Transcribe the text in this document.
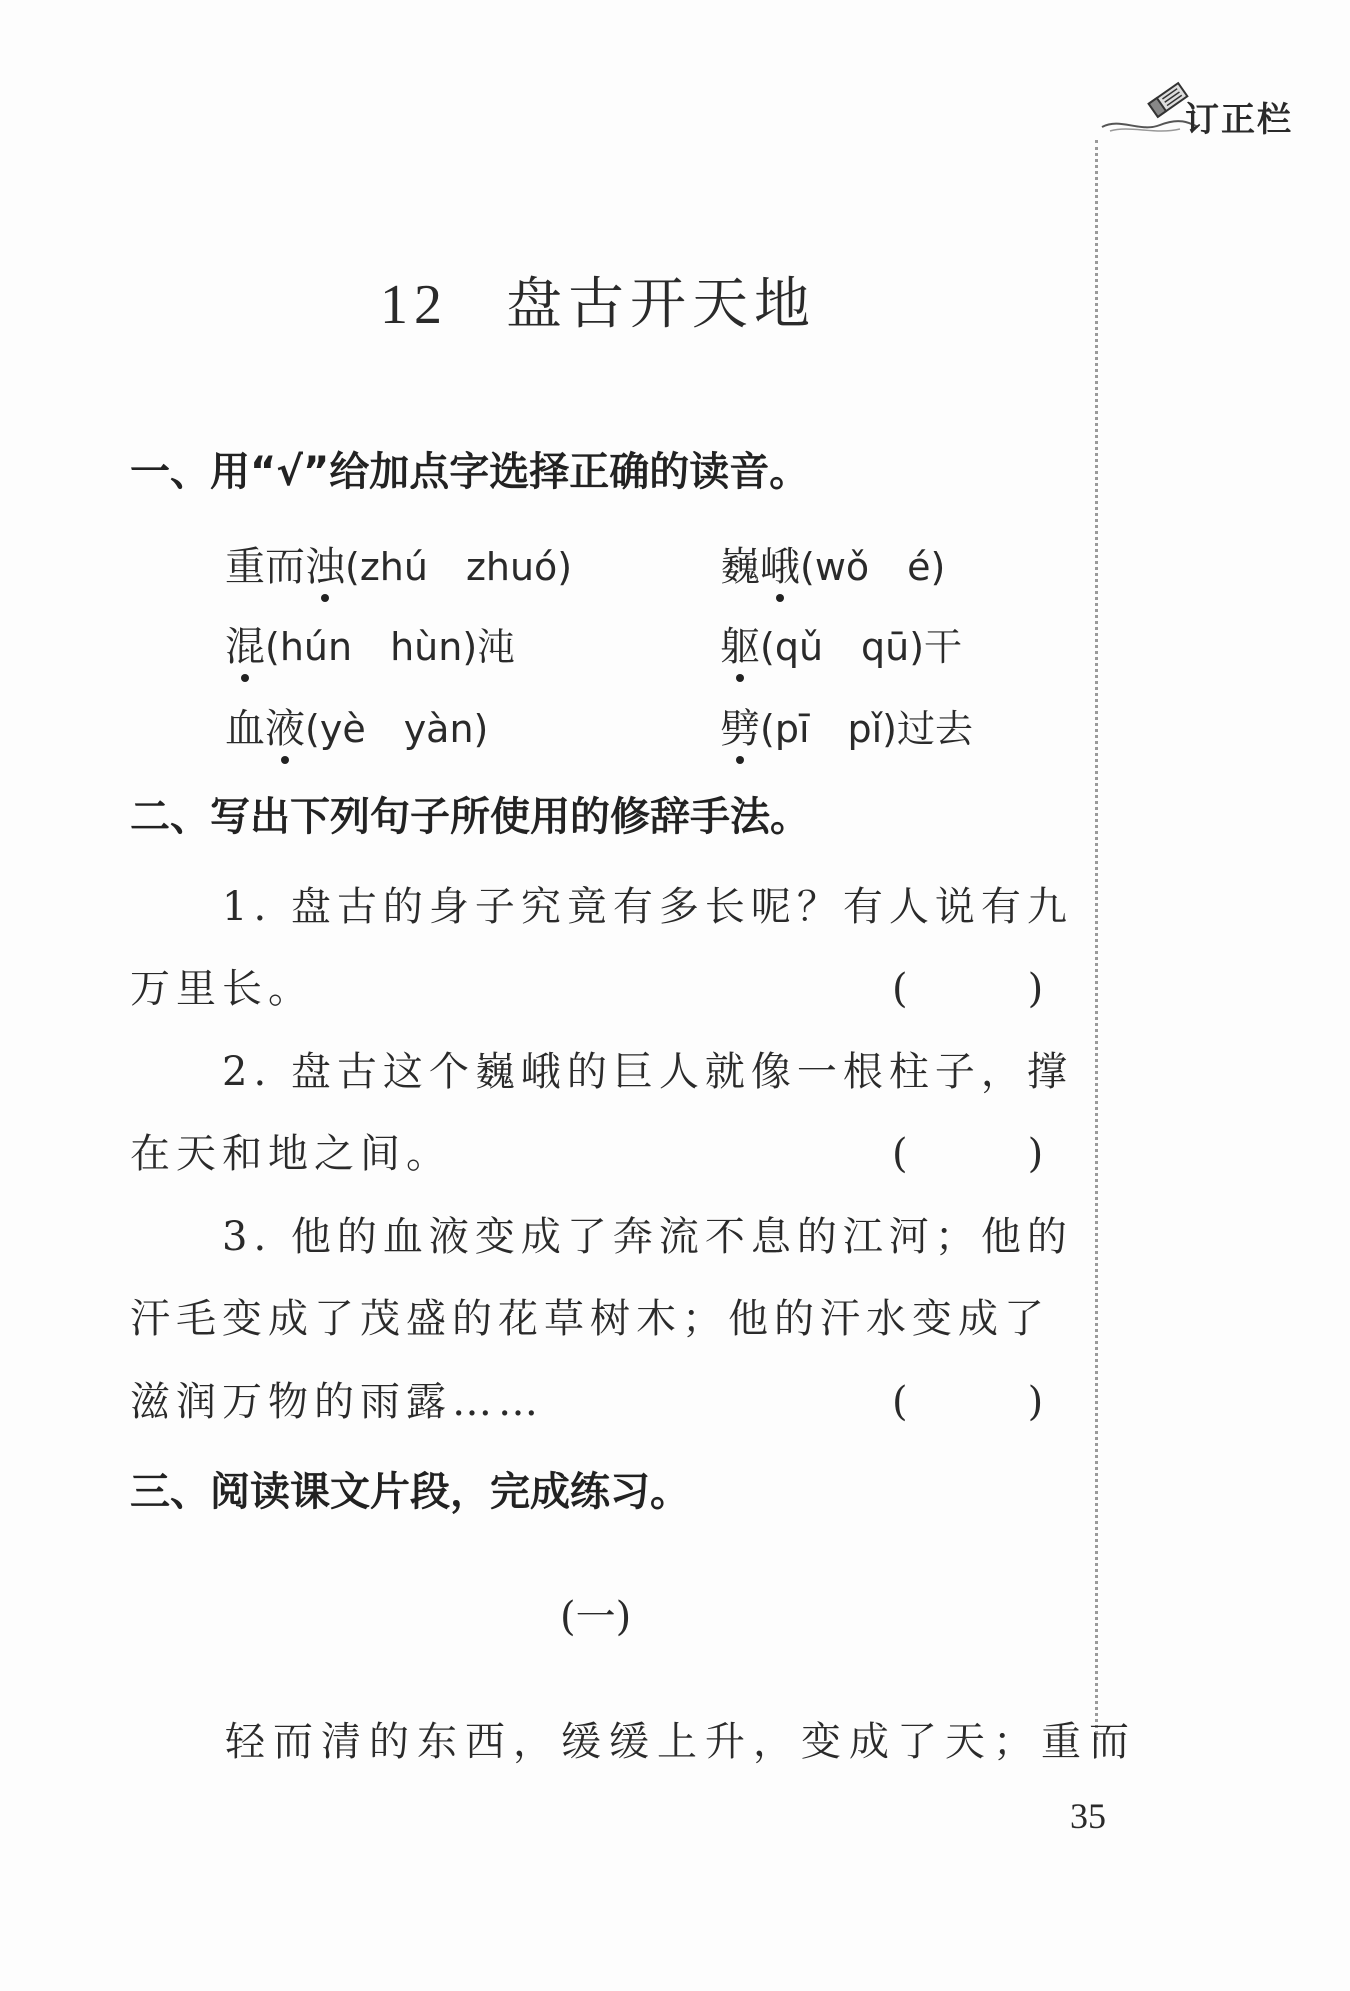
订正栏
12 盘古开天地
一、用“√”给加点字选择正确的读音。
重而浊(zhú　zhuó)	巍峨(wǒ　é)
混(hún　hùn)沌	躯(qǔ　qū)干
血液(yè　yàn)	劈(pī　pǐ)过去
二、写出下列句子所使用的修辞手法。
1. 盘古的身子究竟有多长呢？有人说有九
万里长。	(　　　)
2. 盘古这个巍峨的巨人就像一根柱子，撑
在天和地之间。	(　　　)
3. 他的血液变成了奔流不息的江河；他的
汗毛变成了茂盛的花草树木；他的汗水变成了
滋润万物的雨露……	(　　　)
三、阅读课文片段，完成练习。
(一)
轻而清的东西，缓缓上升，变成了天；重而
35
